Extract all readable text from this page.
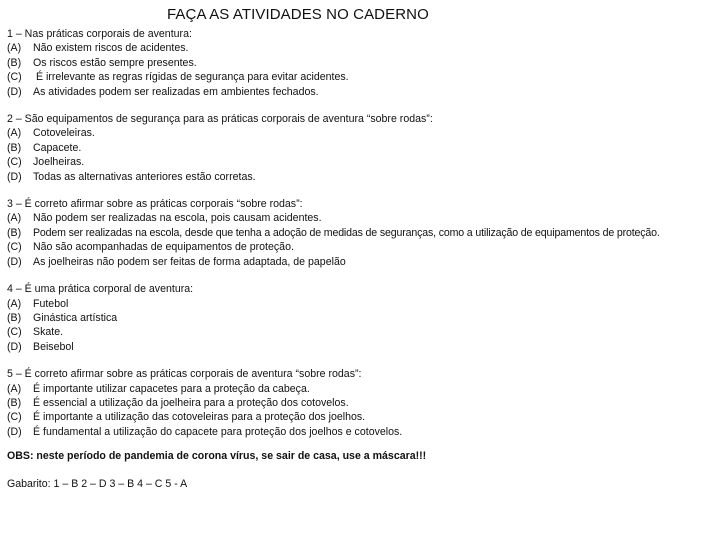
FAÇA AS ATIVIDADES NO CADERNO
1 – Nas práticas corporais de aventura:
(A) Não existem riscos de acidentes.
(B) Os riscos estão sempre presentes.
(C) É irrelevante as regras rígidas de segurança para evitar acidentes.
(D) As atividades podem ser realizadas em ambientes fechados.
2 – São equipamentos de segurança para as práticas corporais de aventura “sobre rodas”:
(A) Cotoveleiras.
(B) Capacete.
(C) Joelheiras.
(D) Todas as alternativas anteriores estão corretas.
3 – É correto afirmar sobre as práticas corporais “sobre rodas”:
(A) Não podem ser realizadas na escola, pois causam acidentes.
(B) Podem ser realizadas na escola, desde que tenha a adoção de medidas de seguranças, como a utilização de equipamentos de proteção.
(C) Não são acompanhadas de equipamentos de proteção.
(D) As joelheiras não podem ser feitas de forma adaptada, de papelão
4 – É uma prática corporal de aventura:
(A) Futebol
(B) Ginástica artística
(C) Skate.
(D) Beisebol
5 – É correto afirmar sobre as práticas corporais de aventura “sobre rodas”:
(A) É importante utilizar capacetes para a proteção da cabeça.
(B) É essencial a utilização da joelheira para a proteção dos cotovelos.
(C) É importante a utilização das cotoveleiras para a proteção dos joelhos.
(D) É fundamental a utilização do capacete para proteção dos joelhos e cotovelos.
OBS: neste período de pandemia de corona vírus, se sair de casa, use a máscara!!!
Gabarito: 1 – B 2 – D 3 – B 4 – C 5 - A
